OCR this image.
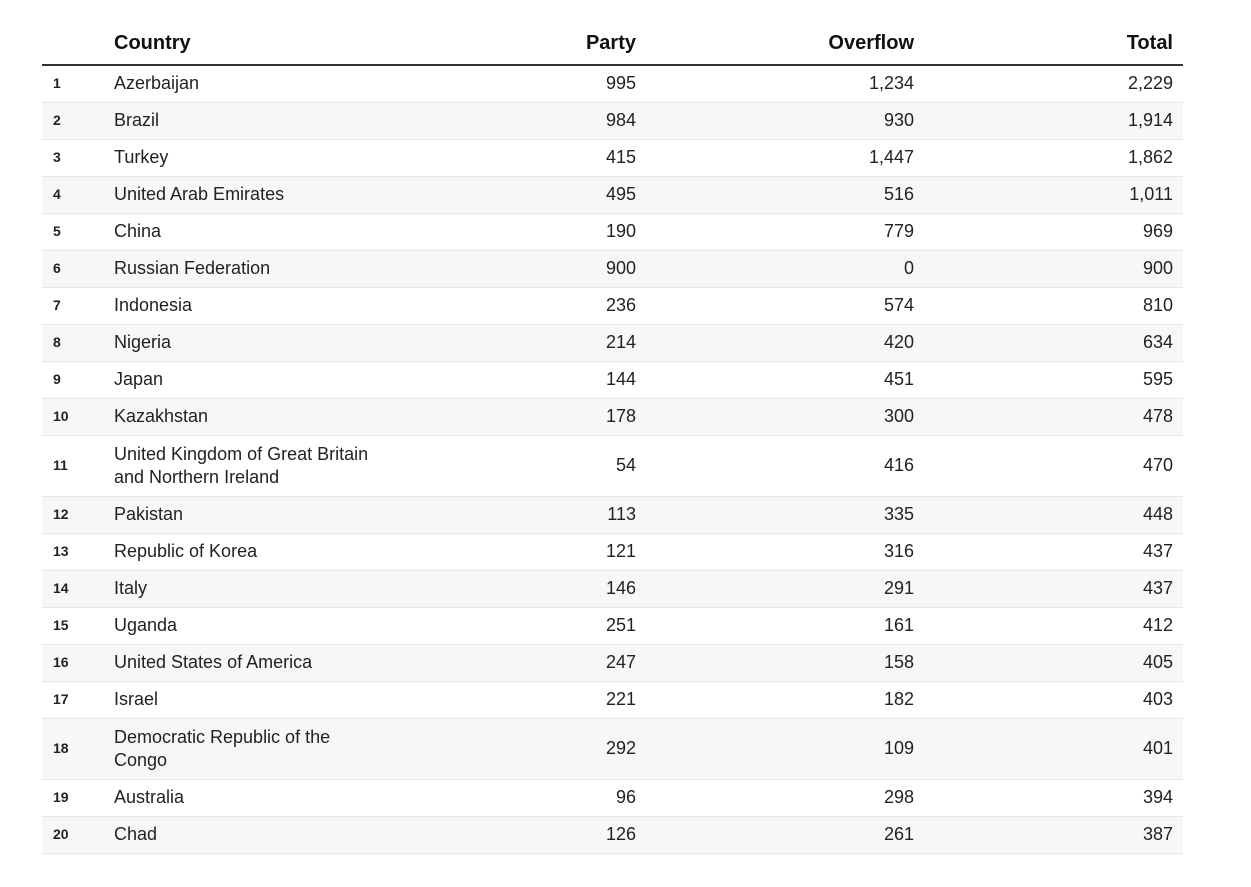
	Country	Party	Overflow	Total
1	Azerbaijan	995	1,234	2,229
2	Brazil	984	930	1,914
3	Turkey	415	1,447	1,862
4	United Arab Emirates	495	516	1,011
5	China	190	779	969
6	Russian Federation	900	0	900
7	Indonesia	236	574	810
8	Nigeria	214	420	634
9	Japan	144	451	595
10	Kazakhstan	178	300	478
11	United Kingdom of Great Britain and Northern Ireland	54	416	470
12	Pakistan	113	335	448
13	Republic of Korea	121	316	437
14	Italy	146	291	437
15	Uganda	251	161	412
16	United States of America	247	158	405
17	Israel	221	182	403
18	Democratic Republic of the Congo	292	109	401
19	Australia	96	298	394
20	Chad	126	261	387
